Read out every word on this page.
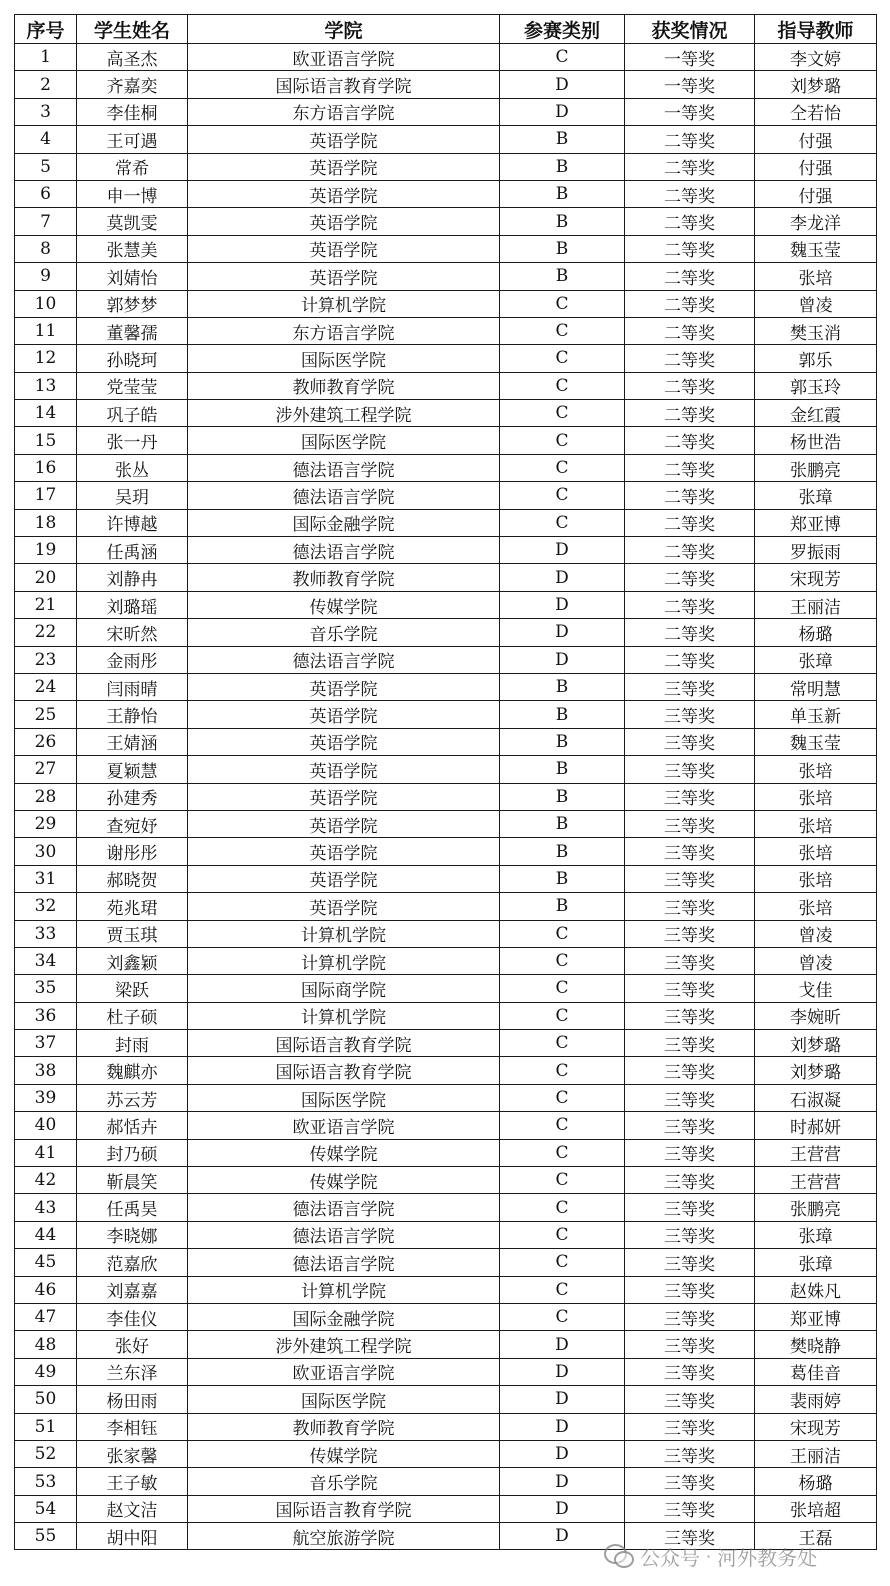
序号	学生姓名	学院	参赛类别	获奖情况	指导教师
1	高圣杰	欧亚语言学院	C	一等奖	李文婷
2	齐嘉奕	国际语言教育学院	D	一等奖	刘梦璐
3	李佳桐	东方语言学院	D	一等奖	仝若怡
4	王可遇	英语学院	B	二等奖	付强
5	常希	英语学院	B	二等奖	付强
6	申一博	英语学院	B	二等奖	付强
7	莫凯雯	英语学院	B	二等奖	李龙洋
8	张慧美	英语学院	B	二等奖	魏玉莹
9	刘婧怡	英语学院	B	二等奖	张培
10	郭梦梦	计算机学院	C	二等奖	曾凌
11	董馨孺	东方语言学院	C	二等奖	樊玉消
12	孙晓珂	国际医学院	C	二等奖	郭乐
13	党莹莹	教师教育学院	C	二等奖	郭玉玲
14	巩子皓	涉外建筑工程学院	C	二等奖	金红霞
15	张一丹	国际医学院	C	二等奖	杨世浩
16	张丛	德法语言学院	C	二等奖	张鹏亮
17	吴玥	德法语言学院	C	二等奖	张璋
18	许博越	国际金融学院	C	二等奖	郑亚博
19	任禹涵	德法语言学院	D	二等奖	罗振雨
20	刘静冉	教师教育学院	D	二等奖	宋现芳
21	刘璐瑶	传媒学院	D	二等奖	王丽洁
22	宋昕然	音乐学院	D	二等奖	杨璐
23	金雨彤	德法语言学院	D	二等奖	张璋
24	闫雨晴	英语学院	B	三等奖	常明慧
25	王静怡	英语学院	B	三等奖	单玉新
26	王婧涵	英语学院	B	三等奖	魏玉莹
27	夏颖慧	英语学院	B	三等奖	张培
28	孙建秀	英语学院	B	三等奖	张培
29	查宛妤	英语学院	B	三等奖	张培
30	谢彤彤	英语学院	B	三等奖	张培
31	郝晓贺	英语学院	B	三等奖	张培
32	苑兆珺	英语学院	B	三等奖	张培
33	贾玉琪	计算机学院	C	三等奖	曾凌
34	刘鑫颖	计算机学院	C	三等奖	曾凌
35	梁跃	国际商学院	C	三等奖	戈佳
36	杜子硕	计算机学院	C	三等奖	李婉昕
37	封雨	国际语言教育学院	C	三等奖	刘梦璐
38	魏麒亦	国际语言教育学院	C	三等奖	刘梦璐
39	苏云芳	国际医学院	C	三等奖	石淑凝
40	郝恬卉	欧亚语言学院	C	三等奖	时郝妍
41	封乃硕	传媒学院	C	三等奖	王营营
42	靳晨笑	传媒学院	C	三等奖	王营营
43	任禹昊	德法语言学院	C	三等奖	张鹏亮
44	李晓娜	德法语言学院	C	三等奖	张璋
45	范嘉欣	德法语言学院	C	三等奖	张璋
46	刘嘉嘉	计算机学院	C	三等奖	赵姝凡
47	李佳仪	国际金融学院	C	三等奖	郑亚博
48	张好	涉外建筑工程学院	D	三等奖	樊晓静
49	兰东泽	欧亚语言学院	D	三等奖	葛佳音
50	杨田雨	国际医学院	D	三等奖	裴雨婷
51	李相钰	教师教育学院	D	三等奖	宋现芳
52	张家馨	传媒学院	D	三等奖	王丽洁
53	王子敏	音乐学院	D	三等奖	杨璐
54	赵文洁	国际语言教育学院	D	三等奖	张培超
55	胡中阳	航空旅游学院	D	三等奖	王磊
公众号 · 河外教务处
